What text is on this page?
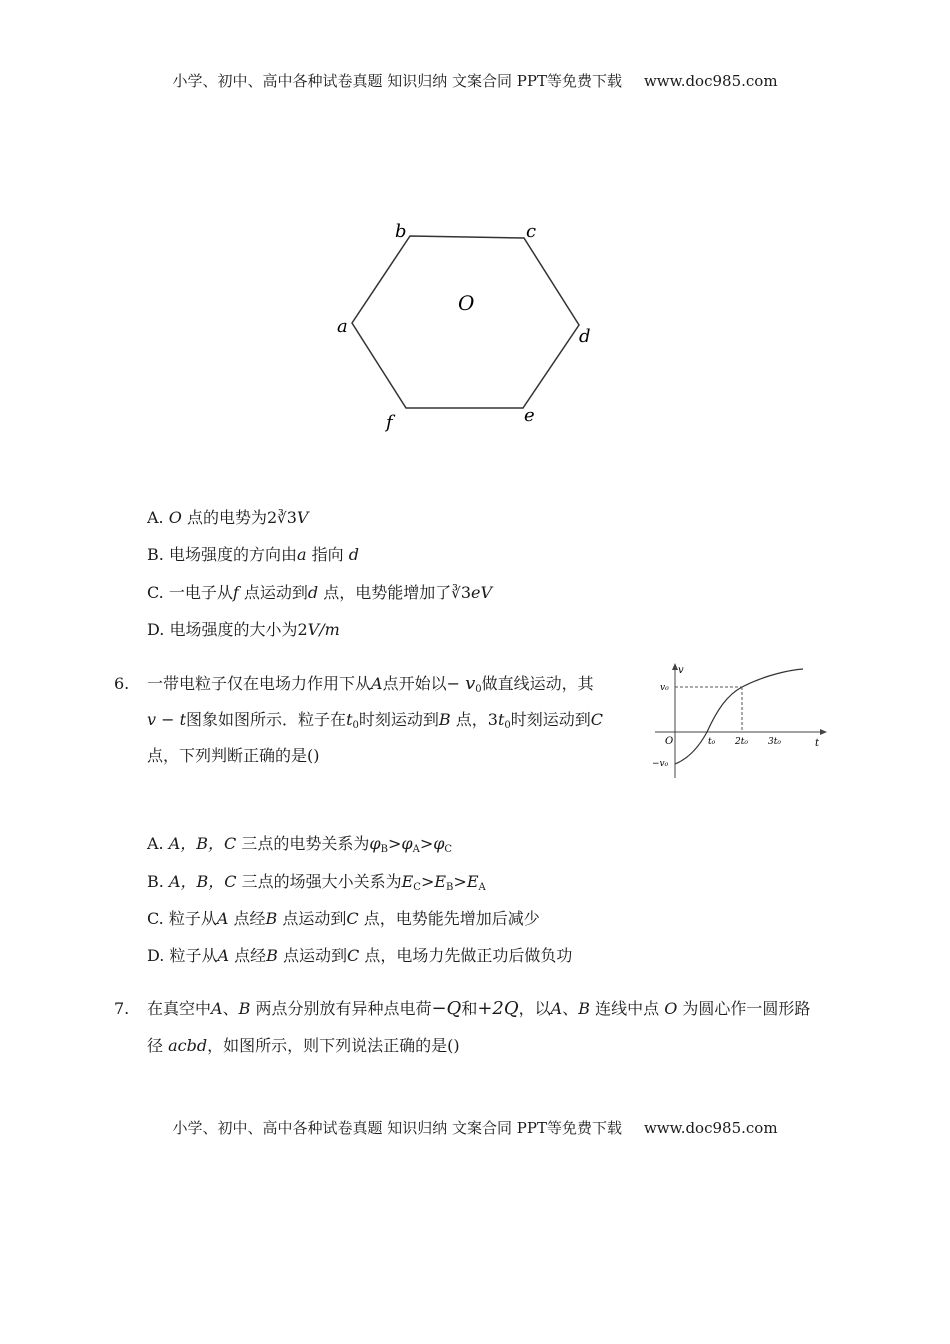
小学、初中、高中各种试卷真题 知识归纳 文案合同 PPT等免费下载 www.doc985.com
b	c
a	d
f	e
O
A. O 点的电势为2∛3V
B. 电场强度的方向由a 指向 d
C. 一电子从f 点运动到d 点，电势能增加了∛3eV
D. 电场强度的大小为2V/m
6. 一带电粒子仅在电场力作用下从A点开始以− $v_0$做直线运动，其
v − t图象如图所示．粒子在$t_0$时刻运动到B 点，$3t_0$时刻运动到C
点，下列判断正确的是()
v
t
O
v₀
−v₀
t₀ 2t₀ 3t₀
A. A，B，C 三点的电势关系为$\varphi_B>\varphi_A>\varphi_C$
B. A，B，C 三点的场强大小关系为$E_C>E_B>E_A$
C. 粒子从A 点经B 点运动到C 点，电势能先增加后减少
D. 粒子从A 点经B 点运动到C 点，电场力先做正功后做负功
7. 在真空中A、B 两点分别放有异种点电荷−Q和+2Q，以A、B 连线中点 O 为圆心作一圆形路
径 acbd，如图所示，则下列说法正确的是()
小学、初中、高中各种试卷真题 知识归纳 文案合同 PPT等免费下载 www.doc985.com
